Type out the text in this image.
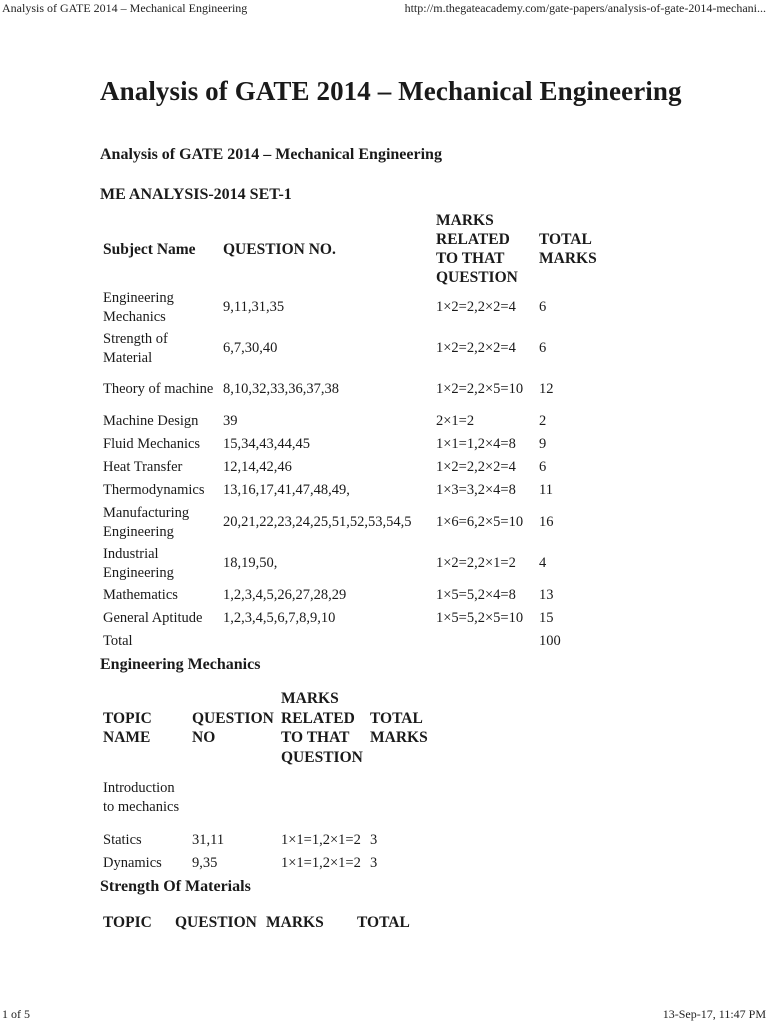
Analysis of GATE 2014 – Mechanical Engineering	http://m.thegateacademy.com/gate-papers/analysis-of-gate-2014-mechani...
Analysis of GATE 2014 – Mechanical Engineering

Analysis of GATE 2014 – Mechanical Engineering

ME ANALYSIS-2014 SET-1

Subject Name	QUESTION NO.	MARKS RELATED TO THAT QUESTION	TOTAL MARKS
Engineering Mechanics	9,11,31,35	1×2=2,2×2=4	6
Strength of Material	6,7,30,40	1×2=2,2×2=4	6
Theory of machine	8,10,32,33,36,37,38	1×2=2,2×5=10	12
Machine Design	39	2×1=2	2
Fluid Mechanics	15,34,43,44,45	1×1=1,2×4=8	9
Heat Transfer	12,14,42,46	1×2=2,2×2=4	6
Thermodynamics	13,16,17,41,47,48,49,	1×3=3,2×4=8	11
Manufacturing Engineering	20,21,22,23,24,25,51,52,53,54,5	1×6=6,2×5=10	16
Industrial Engineering	18,19,50,	1×2=2,2×1=2	4
Mathematics	1,2,3,4,5,26,27,28,29	1×5=5,2×4=8	13
General Aptitude	1,2,3,4,5,6,7,8,9,10	1×5=5,2×5=10	15
Total			100

Engineering Mechanics

TOPIC NAME	QUESTION NO	MARKS RELATED TO THAT QUESTION	TOTAL MARKS
Introduction to mechanics			
Statics	31,11	1×1=1,2×1=2	3
Dynamics	9,35	1×1=1,2×1=2	3

Strength Of Materials

TOPIC	QUESTION	MARKS	TOTAL
1 of 5	13-Sep-17, 11:47 PM
